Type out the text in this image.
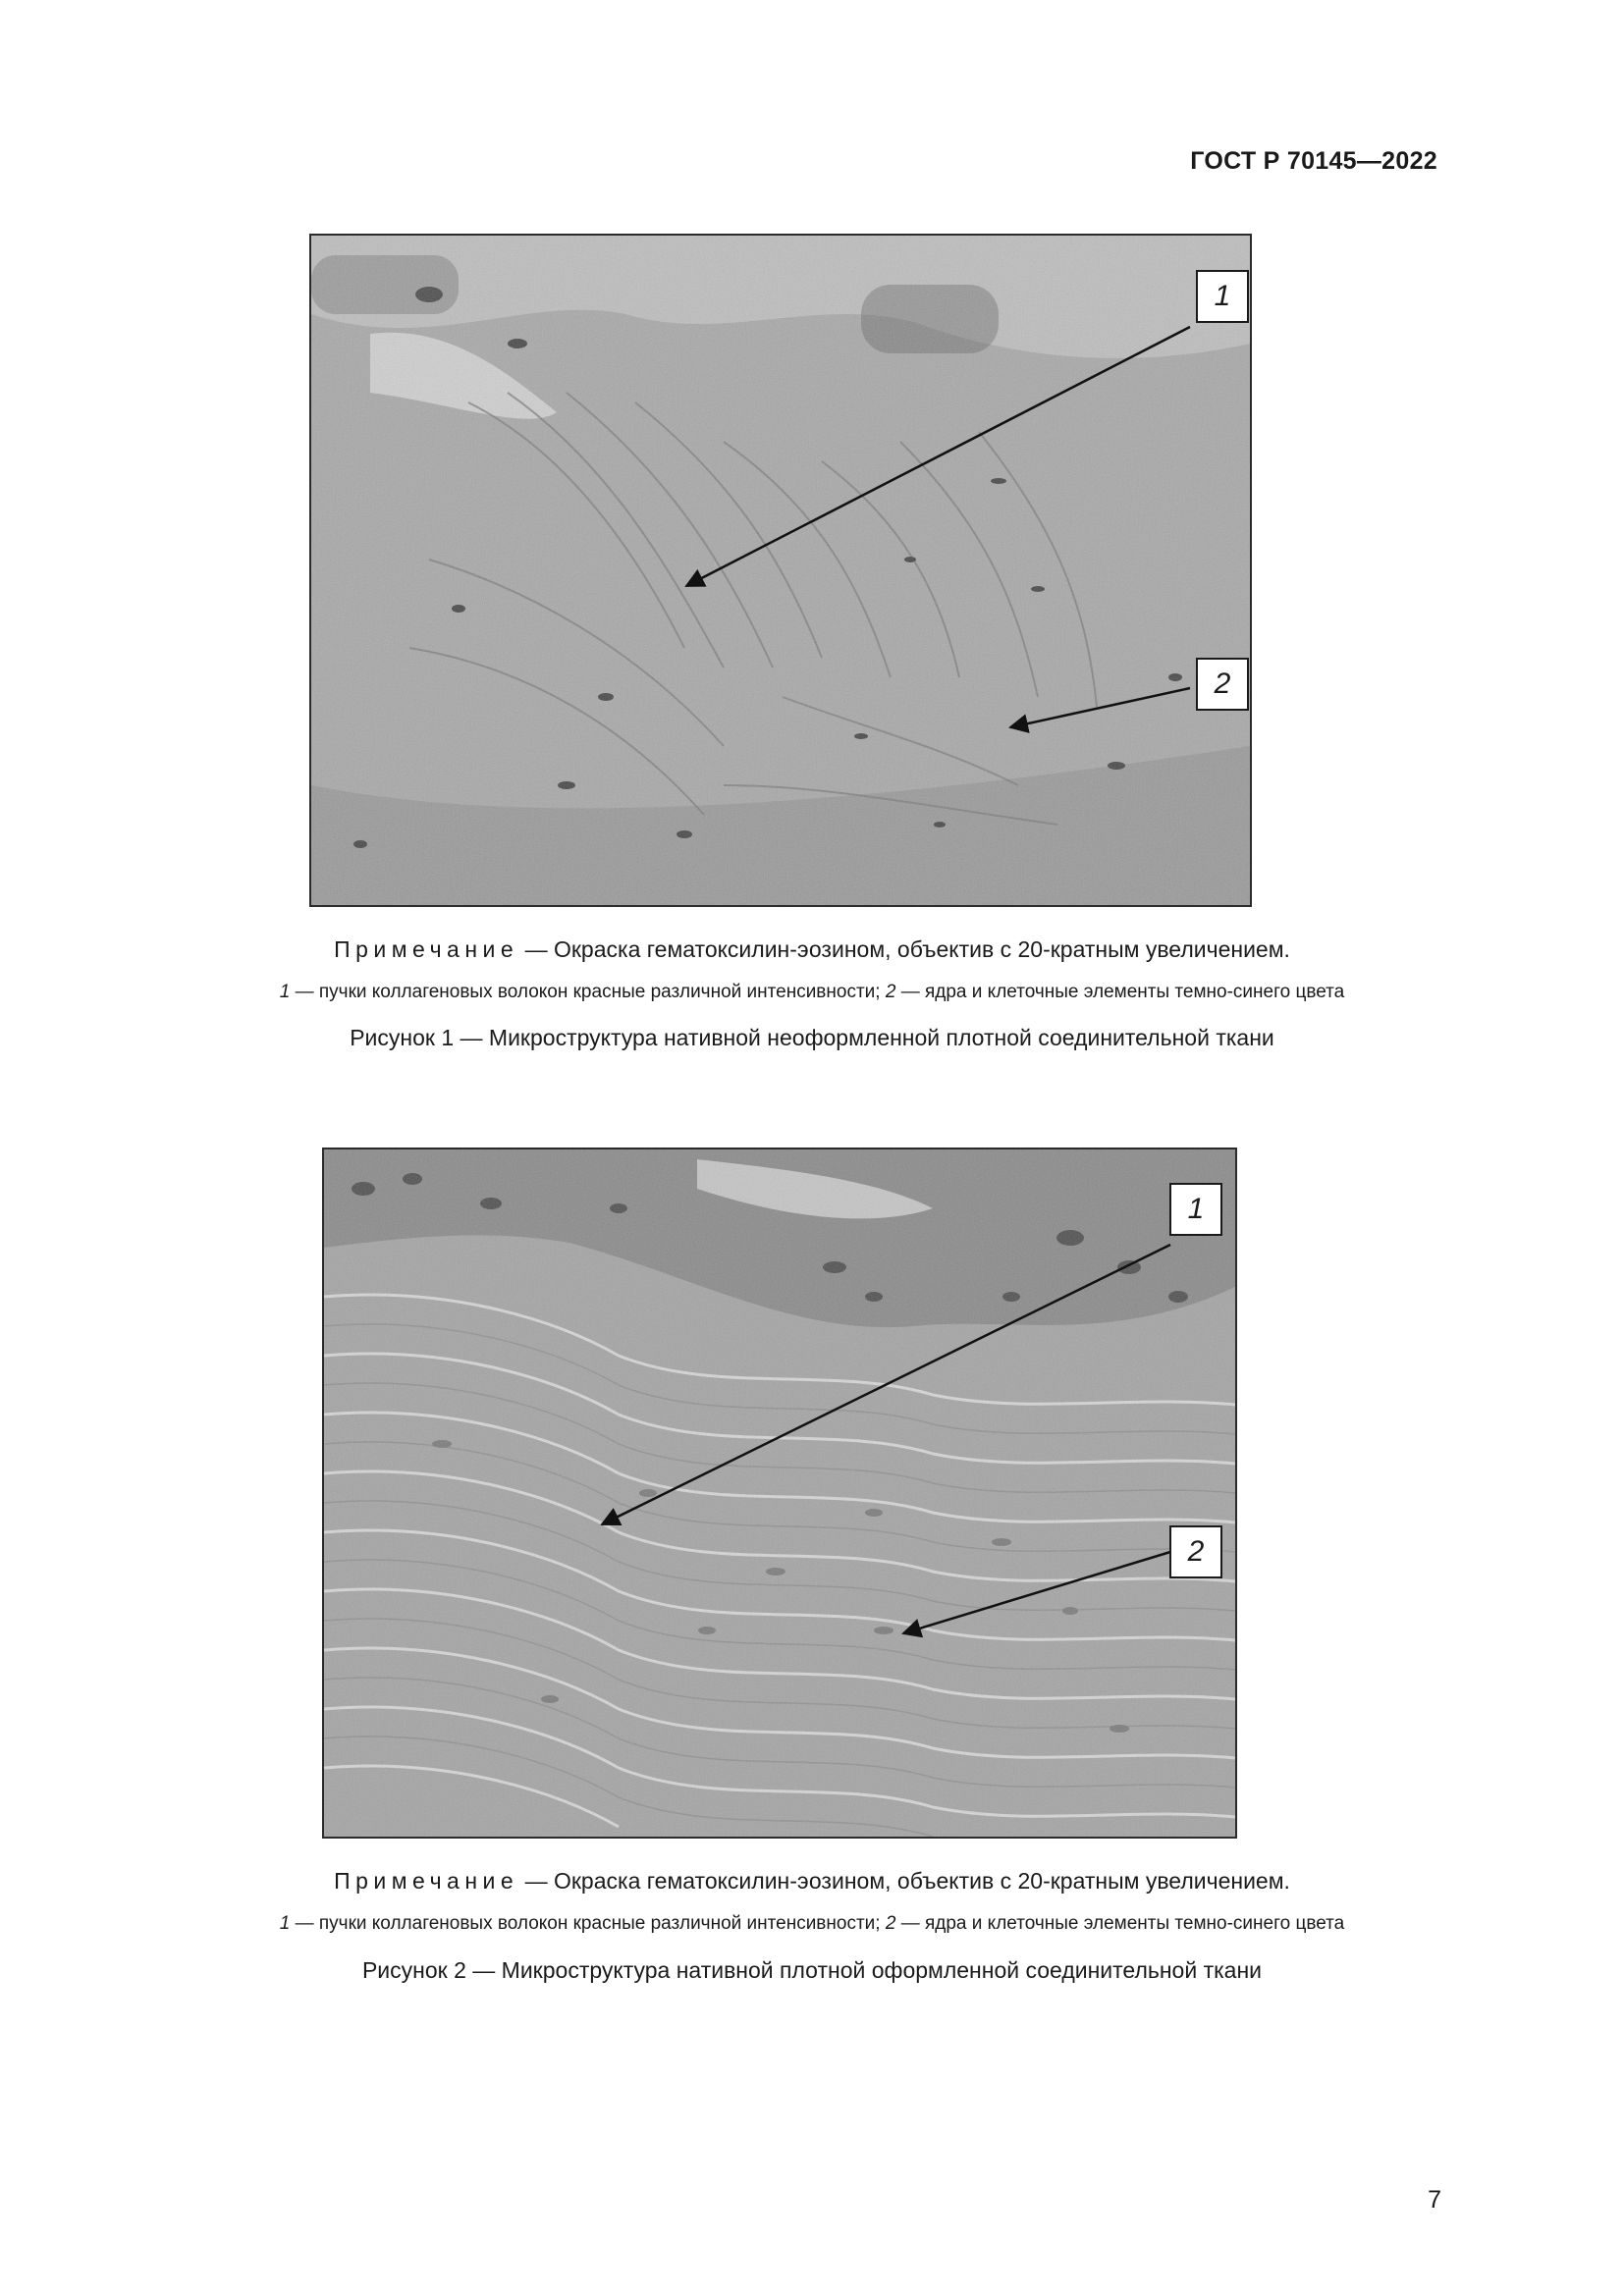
ГОСТ Р 70145—2022
1
2
Примечание — Окраска гематоксилин-эозином, объектив с 20-кратным увеличением.
1 — пучки коллагеновых волокон красные различной интенсивности; 2 — ядра и клеточные элементы темно-синего цвета
Рисунок 1 — Микроструктура нативной неоформленной плотной соединительной ткани
1
2
Примечание — Окраска гематоксилин-эозином, объектив с 20-кратным увеличением.
1 — пучки коллагеновых волокон красные различной интенсивности; 2 — ядра и клеточные элементы темно-синего цвета
Рисунок 2 — Микроструктура нативной плотной оформленной соединительной ткани
7
